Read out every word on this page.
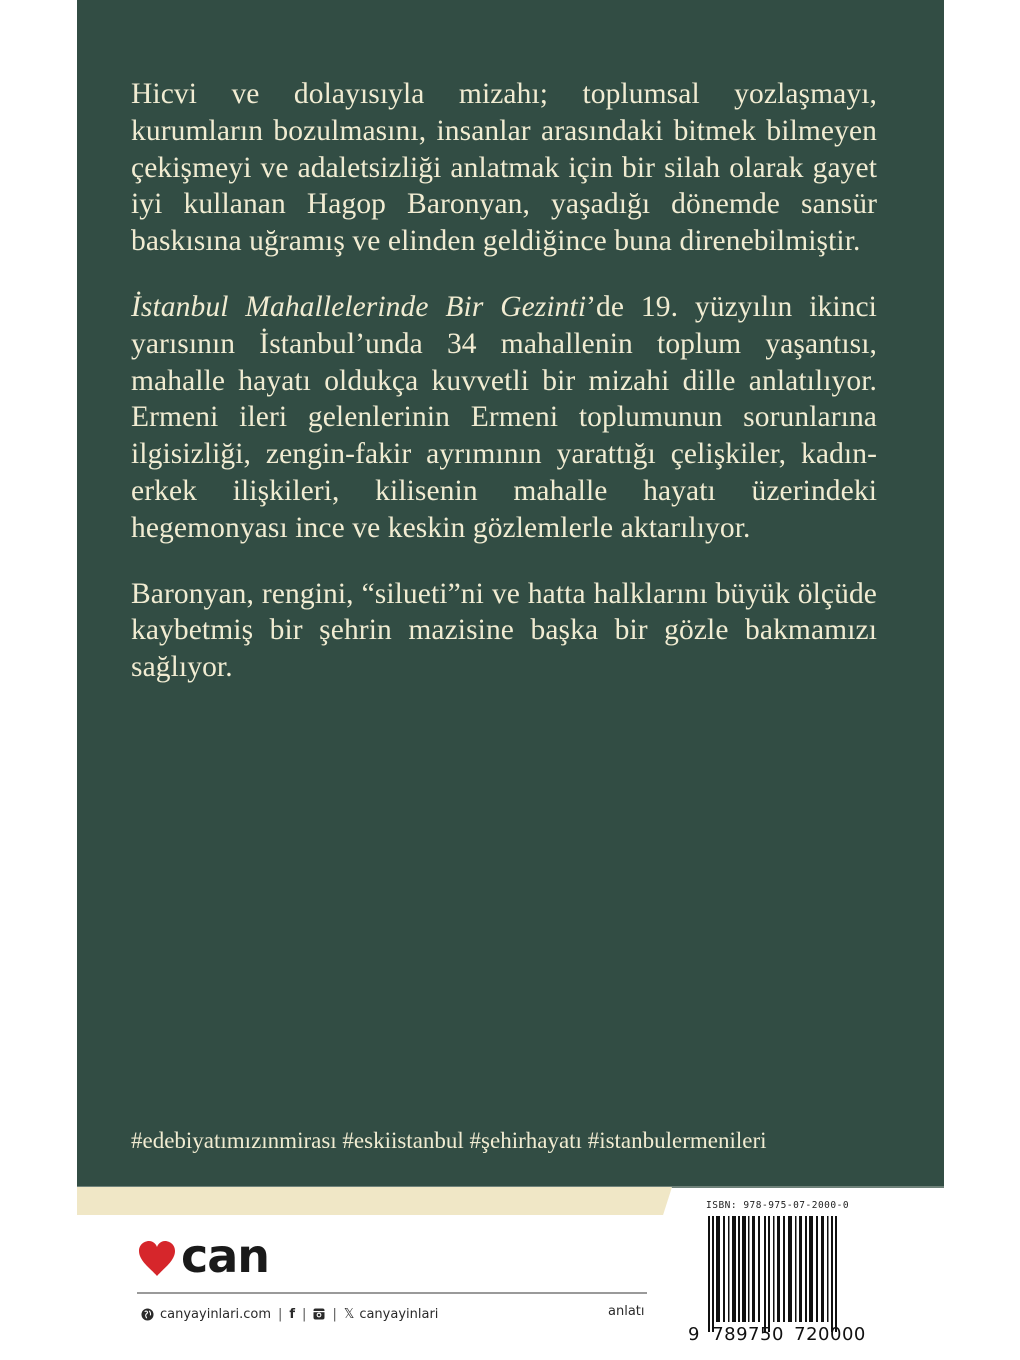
Hicvi ve dolayısıyla mizahı; toplumsal yozlaşmayı, kurumların bozulmasını, insanlar arasındaki bitmek bilmeyen çekişmeyi ve adaletsizliği anlatmak için bir silah olarak gayet iyi kullanan Hagop Baronyan, yaşadığı dönemde sansür baskısına uğramış ve elinden geldiğince buna direnebilmiştir.

İstanbul Mahallelerinde Bir Gezinti’de 19. yüzyılın ikinci yarısının İstanbul’unda 34 mahallenin toplum yaşantısı, mahalle hayatı oldukça kuvvetli bir mizahi dille anlatılıyor. Ermeni ileri gelenlerinin Ermeni toplumunun sorunlarına ilgisizliği, zengin-fakir ayrımının yarattığı çelişkiler, kadın-erkek ilişkileri, kilisenin mahalle hayatı üzerindeki hegemonyası ince ve keskin gözlemlerle aktarılıyor.

Baronyan, rengini, “silueti”ni ve hatta halklarını büyük ölçüde kaybetmiş bir şehrin mazisine başka bir gözle bakmamızı sağlıyor.

#edebiyatımızınmirası #eskiistanbul #şehirhayatı #istanbulermenileri
can
canyayinlari.com | f | | 𝕏 canyayinlari	anlatı
ISBN: 978-975-07-2000-0
9 789750 720000
